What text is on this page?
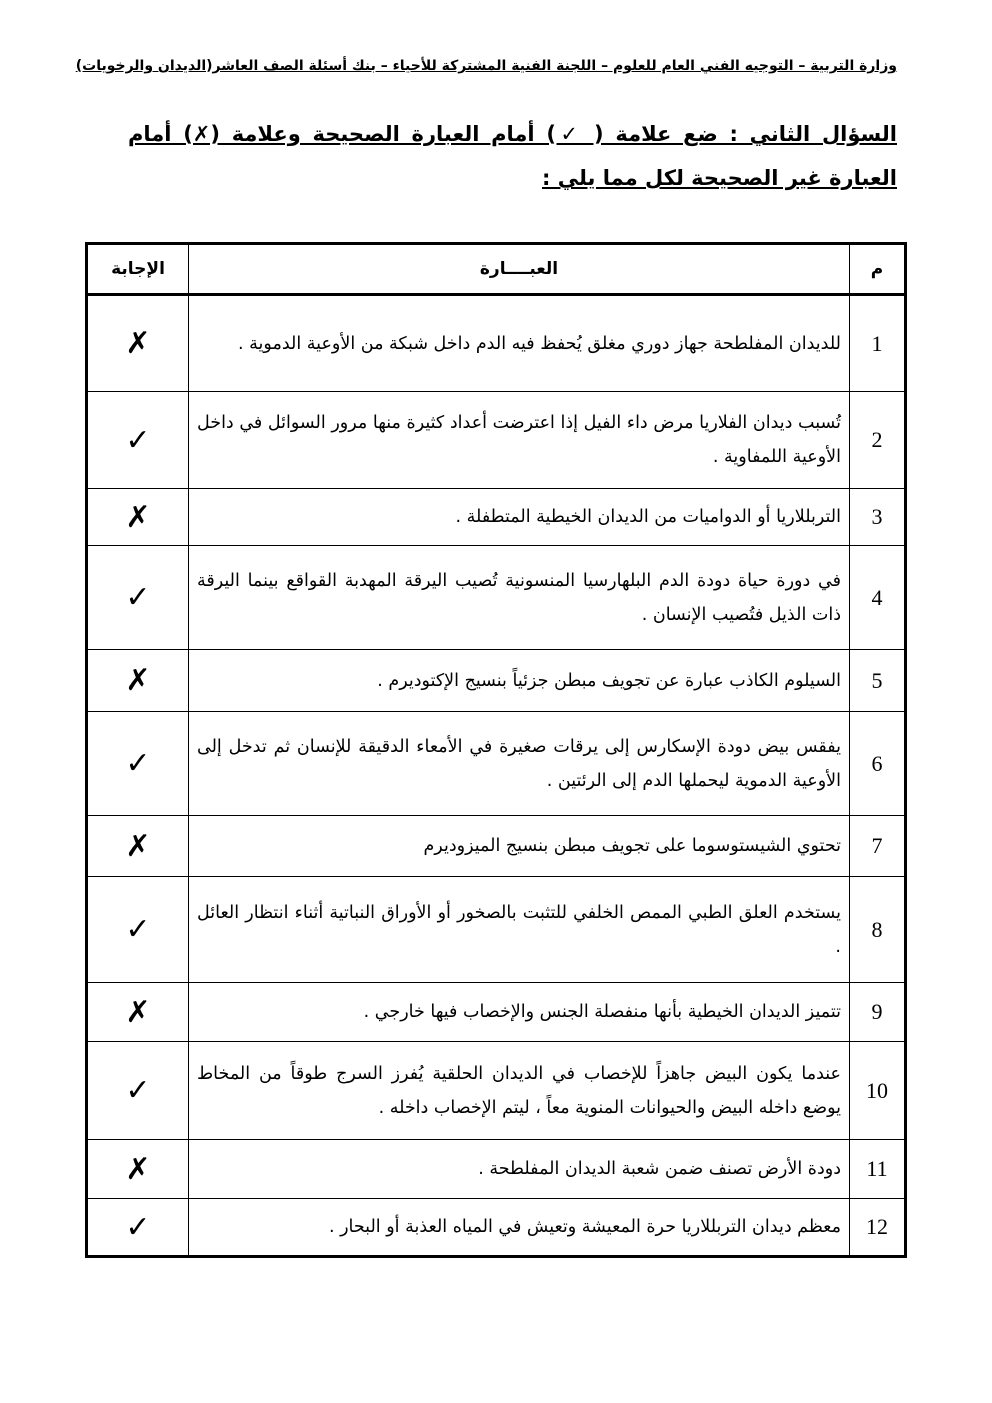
وزارة التربية – التوجيه الفني العام للعلوم – اللجنة الفنية المشتركة للأحياء – بنك أسئلة الصف العاشر(الديدان والرخويات)
السؤال الثاني : ضع علامة ( ✓) أمام العبارة الصحيحة وعلامة (✗) أمام العبارة غير الصحيحة لكل مما يلي :
م	العبــــارة	الإجابة
1	للديدان المفلطحة جهاز دوري مغلق يُحفظ فيه الدم داخل شبكة من الأوعية الدموية .	✗
2	تُسبب ديدان الفلاريا مرض داء الفيل إذا اعترضت أعداد كثيرة منها مرور السوائل في داخل الأوعية اللمفاوية .	✓
3	التربللاريا أو الدواميات من الديدان الخيطية المتطفلة .	✗
4	في دورة حياة دودة الدم البلهارسيا المنسونية تُصيب اليرقة المهدبة القواقع بينما اليرقة ذات الذيل فتُصيب الإنسان .	✓
5	السيلوم الكاذب عبارة عن تجويف مبطن جزئياً بنسيج الإكتوديرم .	✗
6	يفقس بيض دودة الإسكارس إلى يرقات صغيرة في الأمعاء الدقيقة للإنسان ثم تدخل إلى الأوعية الدموية ليحملها الدم إلى الرئتين .	✓
7	تحتوي الشيستوسوما على تجويف مبطن بنسيج الميزوديرم	✗
8	يستخدم العلق الطبي الممص الخلفي للتثبت بالصخور أو الأوراق النباتية أثناء انتظار العائل .	✓
9	تتميز الديدان الخيطية بأنها منفصلة الجنس والإخصاب فيها خارجي .	✗
10	عندما يكون البيض جاهزاً للإخصاب في الديدان الحلقية يُفرز السرج طوقاً من المخاط يوضع داخله البيض والحيوانات المنوية معاً ، ليتم الإخصاب داخله .	✓
11	دودة الأرض تصنف ضمن شعبة الديدان المفلطحة .	✗
12	معظم ديدان التربللاريا حرة المعيشة وتعيش في المياه العذبة أو البحار .	✓
